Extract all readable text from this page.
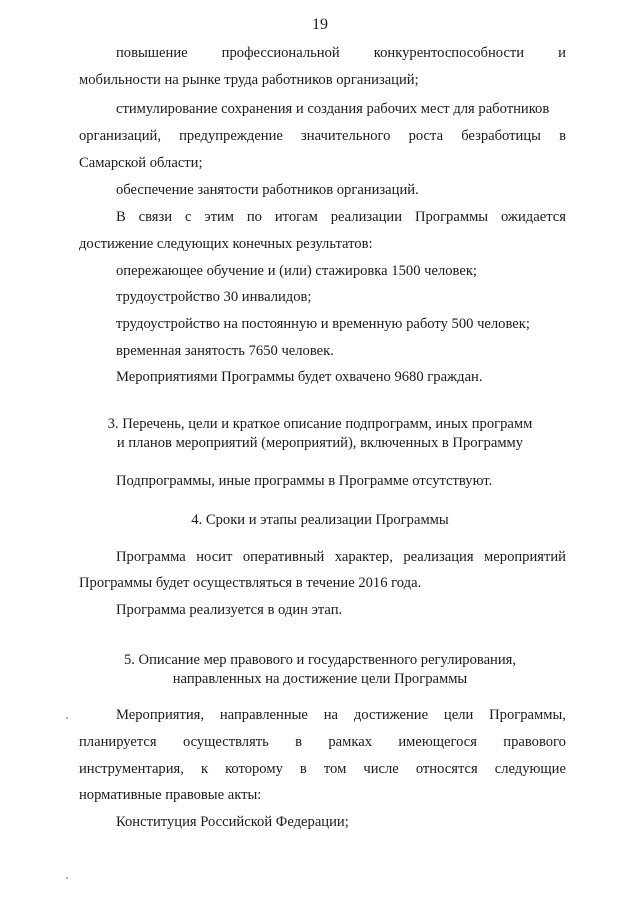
19
повышение профессиональной конкурентоспособности и
мобильности на рынке труда работников организаций;
стимулирование сохранения и создания рабочих мест для работников
организаций, предупреждение значительного роста безработицы в
Самарской области;
обеспечение занятости работников организаций.
В связи с этим по итогам реализации Программы ожидается
достижение следующих конечных результатов:
опережающее обучение и (или) стажировка 1500 человек;
трудоустройство 30 инвалидов;
трудоустройство на постоянную и временную работу 500 человек;
временная занятость 7650 человек.
Мероприятиями Программы будет охвачено 9680 граждан.
3. Перечень, цели и краткое описание подпрограмм, иных программ
и планов мероприятий (мероприятий), включенных в Программу
Подпрограммы, иные программы в Программе отсутствуют.
4. Сроки и этапы реализации Программы
Программа носит оперативный характер, реализация мероприятий
Программы будет осуществляться в течение 2016 года.
Программа реализуется в один этап.
5. Описание мер правового и государственного регулирования,
направленных на достижение цели Программы
Мероприятия, направленные на достижение цели Программы,
планируется осуществлять в рамках имеющегося правового
инструментария, к которому в том числе относятся следующие
нормативные правовые акты:
Конституция Российской Федерации;
